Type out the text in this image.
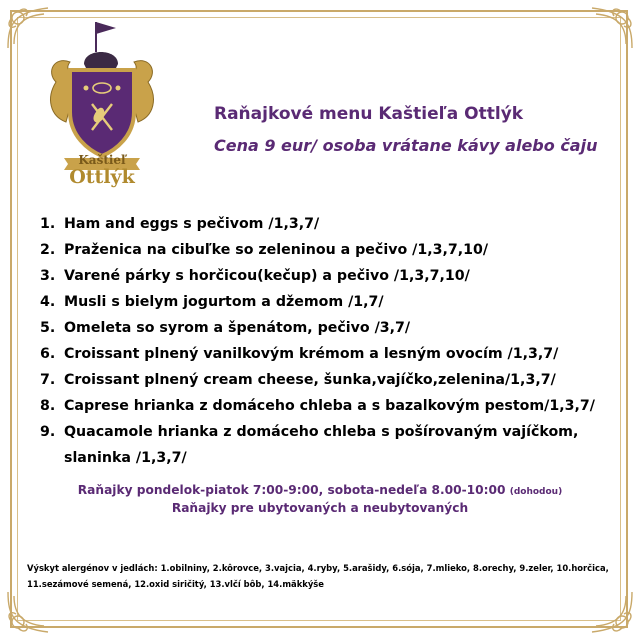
Kaštieľ
Ottlýk
Raňajkové menu Kaštieľa Ottlýk
Cena 9 eur/ osoba vrátane kávy alebo čaju
1. Ham and eggs s pečivom /1,3,7/
2. Praženica na cibuľke so zeleninou a pečivo /1,3,7,10/
3. Varené párky s horčicou(kečup) a pečivo /1,3,7,10/
4. Musli s bielym jogurtom a džemom /1,7/
5. Omeleta so syrom a špenátom, pečivo /3,7/
6. Croissant plnený vanilkovým krémom a lesným ovocím /1,3,7/
7. Croissant plnený cream cheese, šunka,vajíčko,zelenina/1,3,7/
8. Caprese hrianka z domáceho chleba a s bazalkovým pestom/1,3,7/
9. Quacamole hrianka z domáceho chleba s pošírovaným vajíčkom, slaninka /1,3,7/
Raňajky pondelok-piatok 7:00-9:00, sobota-nedeľa 8.00-10:00 (dohodou)
Raňajky pre ubytovaných a neubytovaných
Výskyt alergénov v jedlách: 1.obilniny, 2.kôrovce, 3.vajcia, 4.ryby, 5.arašidy, 6.sója, 7.mlieko, 8.orechy, 9.zeler, 10.horčica, 11.sezámové semená, 12.oxid siričitý, 13.vlčí bôb, 14.mäkkýše
